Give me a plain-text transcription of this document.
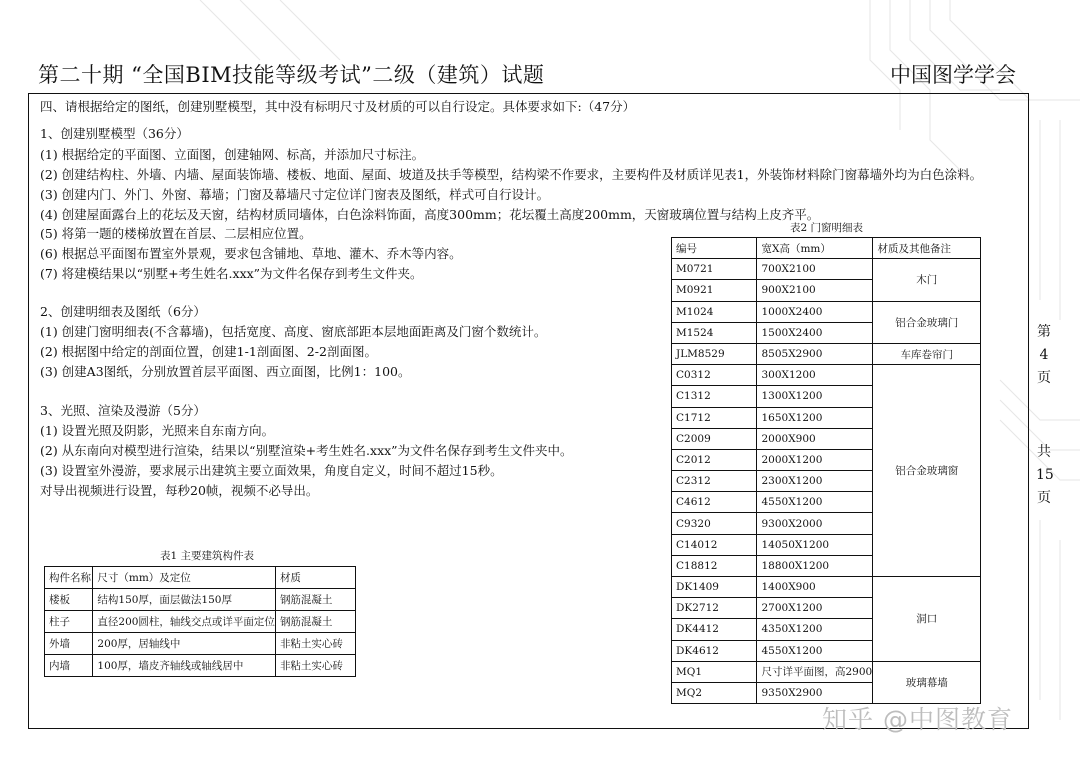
第二十期 “全国BIM技能等级考试”二级（建筑）试题	中国图学学会
四、请根据给定的图纸，创建别墅模型，其中没有标明尺寸及材质的可以自行设定。具体要求如下:（47分）
1、创建别墅模型（36分）
(1) 根据给定的平面图、立面图，创建轴网、标高，并添加尺寸标注。
(2) 创建结构柱、外墙、内墙、屋面装饰墙、楼板、地面、屋面、坡道及扶手等模型，结构梁不作要求，主要构件及材质详见表1，外装饰材料除门窗幕墙外均为白色涂料。
(3) 创建内门、外门、外窗、幕墙；门窗及幕墙尺寸定位详门窗表及图纸，样式可自行设计。
(4) 创建屋面露台上的花坛及天窗，结构材质同墙体，白色涂料饰面，高度300mm；花坛覆土高度200mm，天窗玻璃位置与结构上皮齐平。
(5) 将第一题的楼梯放置在首层、二层相应位置。
(6) 根据总平面图布置室外景观，要求包含铺地、草地、灌木、乔木等内容。
(7) 将建模结果以“别墅+考生姓名.xxx”为文件名保存到考生文件夹。
2、创建明细表及图纸（6分）
(1) 创建门窗明细表(不含幕墙)，包括宽度、高度、窗底部距本层地面距离及门窗个数统计。
(2) 根据图中给定的剖面位置，创建1-1剖面图、2-2剖面图。
(3) 创建A3图纸，分别放置首层平面图、西立面图，比例1：100。
3、光照、渲染及漫游（5分）
(1) 设置光照及阴影，光照来自东南方向。
(2) 从东南向对模型进行渲染，结果以“别墅渲染+考生姓名.xxx”为文件名保存到考生文件夹中。
(3) 设置室外漫游，要求展示出建筑主要立面效果，角度自定义，时间不超过15秒。
对导出视频进行设置，每秒20帧，视频不必导出。
表1 主要建筑构件表
构件名称	尺寸（mm）及定位	材质
楼板	结构150厚，面层做法150厚	钢筋混凝土
柱子	直径200圆柱，轴线交点或详平面定位	钢筋混凝土
外墙	200厚，居轴线中	非粘土实心砖
内墙	100厚，墙皮齐轴线或轴线居中	非粘土实心砖
表2 门窗明细表
编号	宽X高（mm）	材质及其他备注
M0721	700X2100	木门
M0921	900X2100	
M1024	1000X2400	铝合金玻璃门
M1524	1500X2400	
JLM8529	8505X2900	车库卷帘门
C0312	300X1200	铝合金玻璃窗
C1312	1300X1200	
C1712	1650X1200	
C2009	2000X900	
C2012	2000X1200	
C2312	2300X1200	
C4612	4550X1200	
C9320	9300X2000	
C14012	14050X1200	
C18812	18800X1200	
DK1409	1400X900	洞口
DK2712	2700X1200	
DK4412	4350X1200	
DK4612	4550X1200	
MQ1	尺寸详平面图，高2900	玻璃幕墙
MQ2	9350X2900	
第
4
页
共
15
页
知乎 @中图教育
